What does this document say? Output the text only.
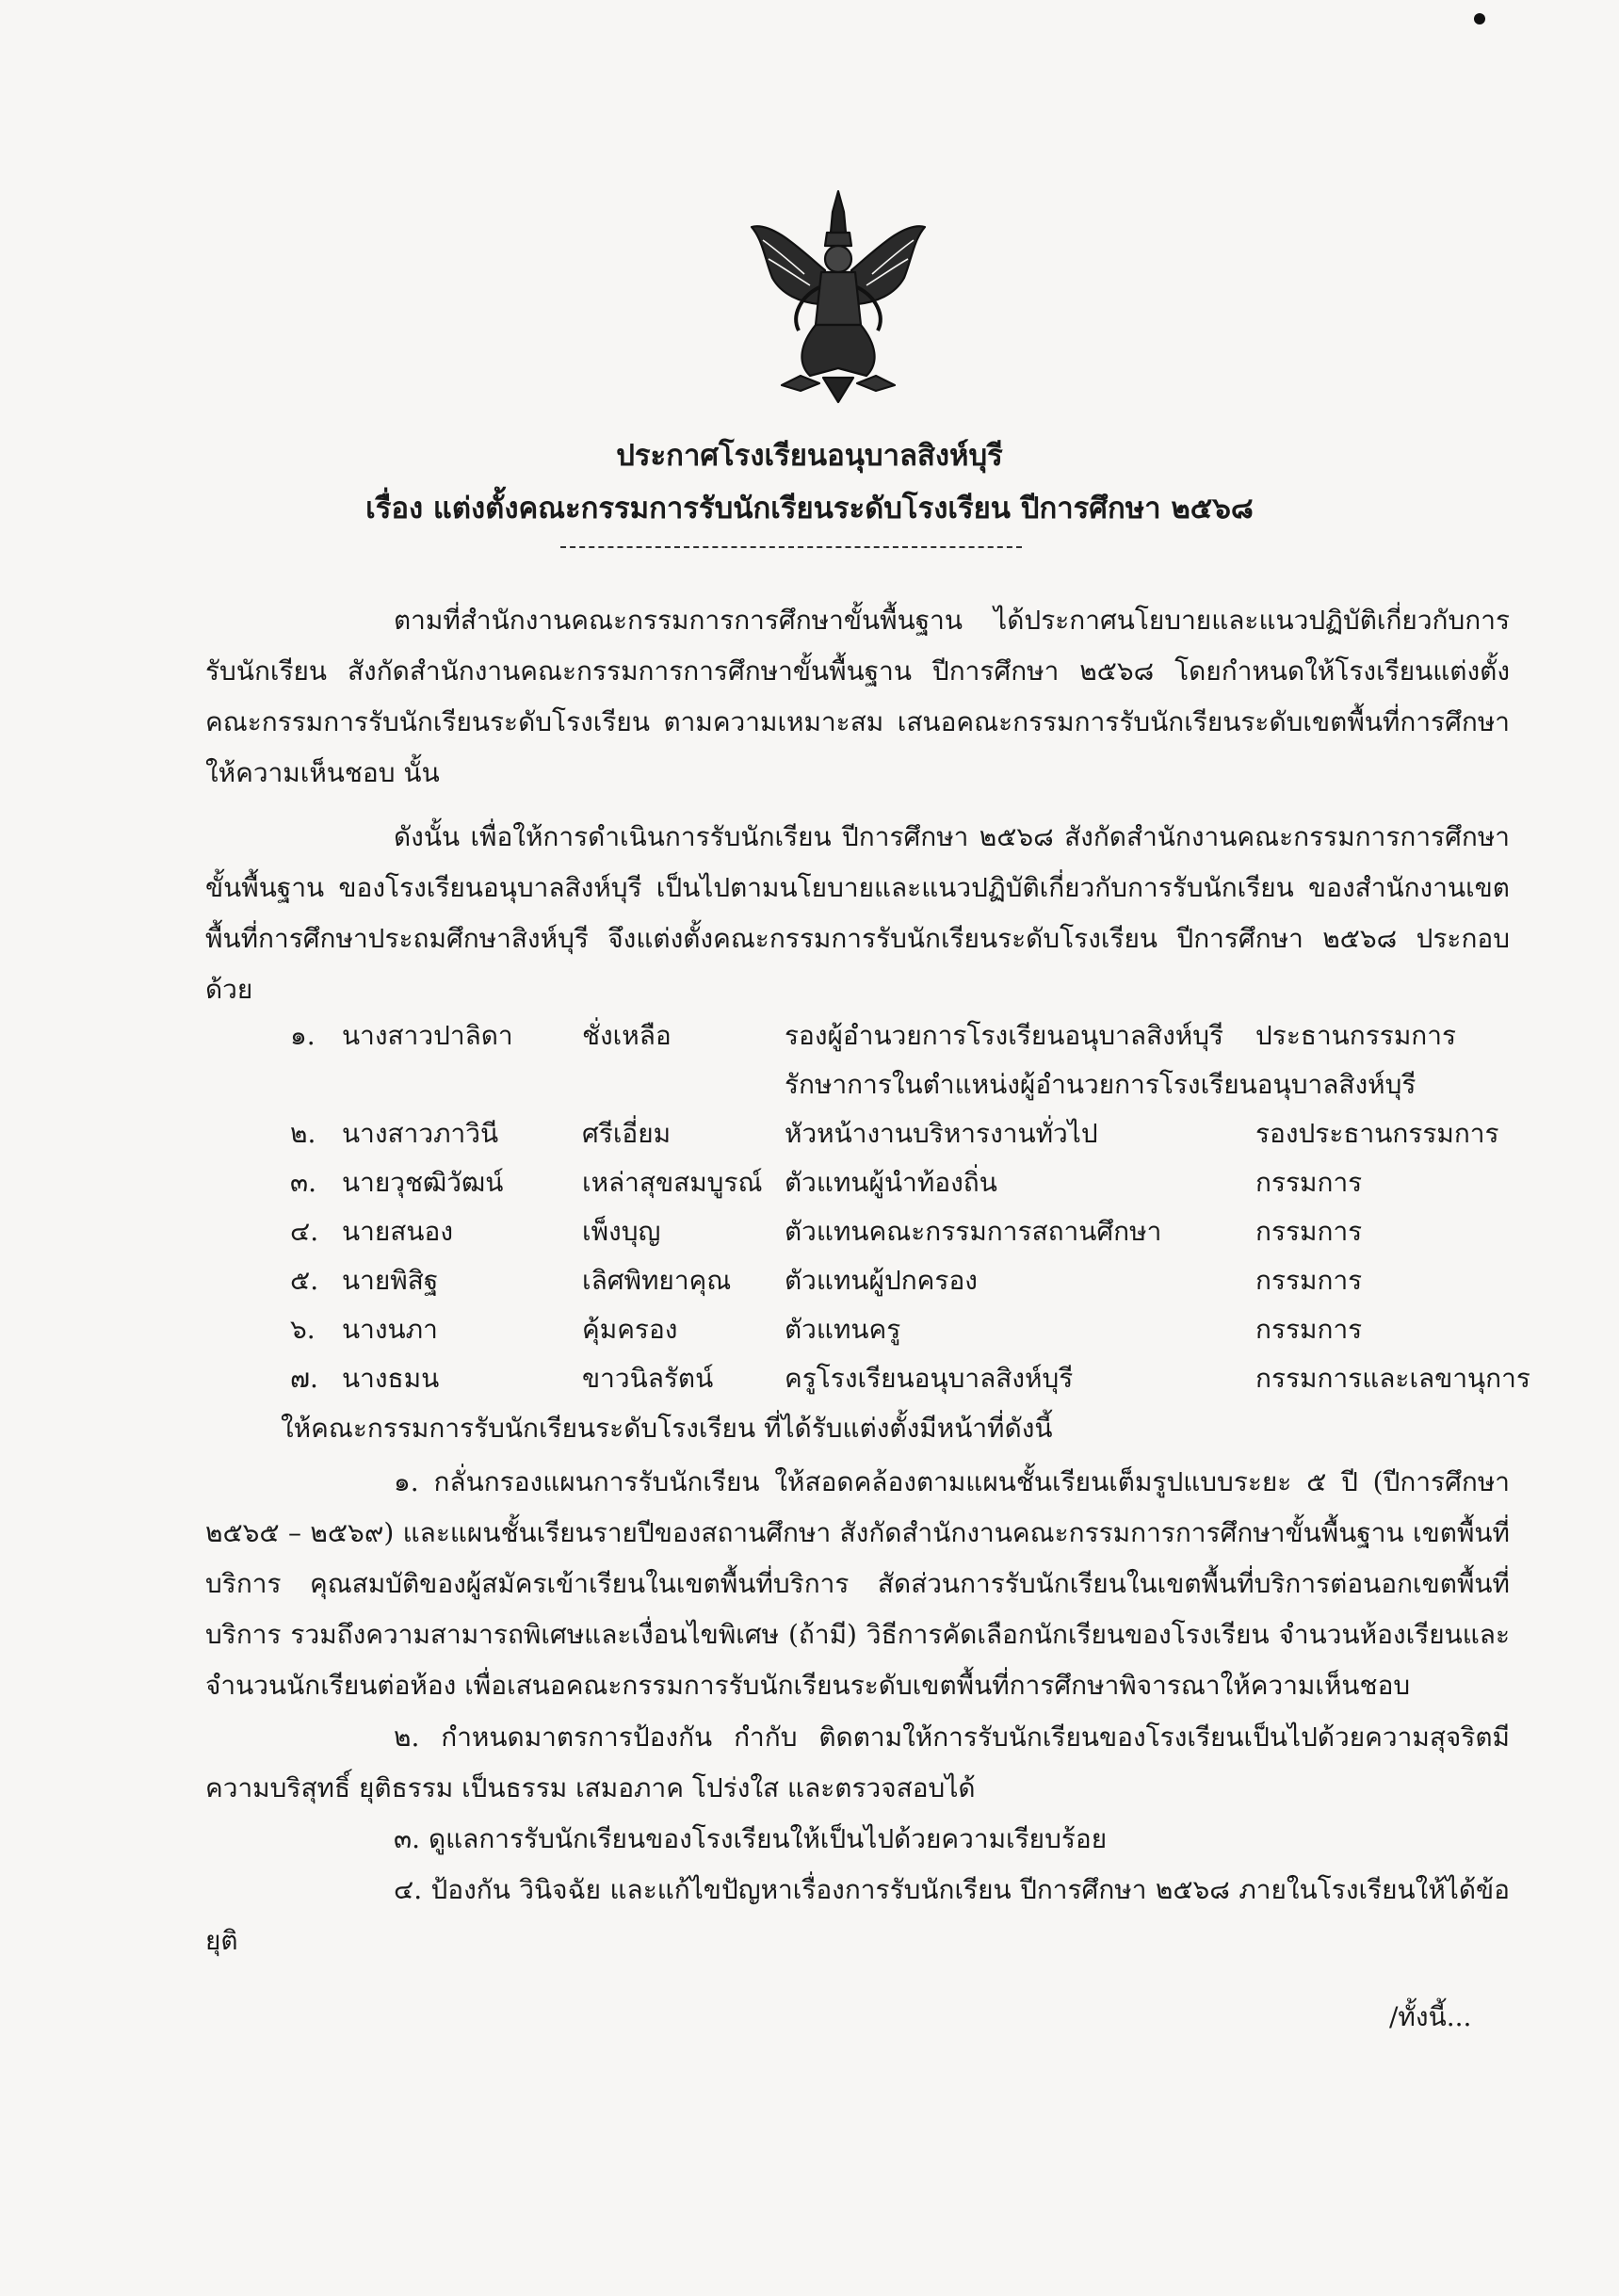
ประกาศโรงเรียนอนุบาลสิงห์บุรี
เรื่อง แต่งตั้งคณะกรรมการรับนักเรียนระดับโรงเรียน ปีการศึกษา ๒๕๖๘
ตามที่สำนักงานคณะกรรมการการศึกษาขั้นพื้นฐาน ได้ประกาศนโยบายและแนวปฏิบัติเกี่ยวกับการรับนักเรียน สังกัดสำนักงานคณะกรรมการการศึกษาขั้นพื้นฐาน ปีการศึกษา ๒๕๖๘ โดยกำหนดให้โรงเรียนแต่งตั้งคณะกรรมการรับนักเรียนระดับโรงเรียน ตามความเหมาะสม เสนอคณะกรรมการรับนักเรียนระดับเขตพื้นที่การศึกษาให้ความเห็นชอบ นั้น
ดังนั้น เพื่อให้การดำเนินการรับนักเรียน ปีการศึกษา ๒๕๖๘ สังกัดสำนักงานคณะกรรมการการศึกษาขั้นพื้นฐาน ของโรงเรียนอนุบาลสิงห์บุรี เป็นไปตามนโยบายและแนวปฏิบัติเกี่ยวกับการรับนักเรียน ของสำนักงานเขตพื้นที่การศึกษาประถมศึกษาสิงห์บุรี จึงแต่งตั้งคณะกรรมการรับนักเรียนระดับโรงเรียน ปีการศึกษา ๒๕๖๘ ประกอบด้วย
๑. นางสาวปาลิดา	ชั่งเหลือ	รองผู้อำนวยการโรงเรียนอนุบาลสิงห์บุรี ประธานกรรมการ
รักษาการในตำแหน่งผู้อำนวยการโรงเรียนอนุบาลสิงห์บุรี
๒. นางสาวภาวินี	ศรีเอี่ยม	หัวหน้างานบริหารงานทั่วไป	รองประธานกรรมการ
๓. นายวุชฒิวัฒน์	เหล่าสุขสมบูรณ์ ตัวแทนผู้นำท้องถิ่น	กรรมการ
๔. นายสนอง	เพ็งบุญ	ตัวแทนคณะกรรมการสถานศึกษา	กรรมการ
๕. นายพิสิฐ	เลิศพิทยาคุณ ตัวแทนผู้ปกครอง	กรรมการ
๖. นางนภา	คุ้มครอง	ตัวแทนครู	กรรมการ
๗. นางธมน	ขาวนิลรัตน์	ครูโรงเรียนอนุบาลสิงห์บุรี	กรรมการและเลขานุการ
ให้คณะกรรมการรับนักเรียนระดับโรงเรียน ที่ได้รับแต่งตั้งมีหน้าที่ดังนี้
๑. กลั่นกรองแผนการรับนักเรียน ให้สอดคล้องตามแผนชั้นเรียนเต็มรูปแบบระยะ ๕ ปี (ปีการศึกษา ๒๕๖๕ – ๒๕๖๙) และแผนชั้นเรียนรายปีของสถานศึกษา สังกัดสำนักงานคณะกรรมการการศึกษาขั้นพื้นฐาน เขตพื้นที่บริการ คุณสมบัติของผู้สมัครเข้าเรียนในเขตพื้นที่บริการ สัดส่วนการรับนักเรียนในเขตพื้นที่บริการต่อนอกเขตพื้นที่บริการ รวมถึงความสามารถพิเศษและเงื่อนไขพิเศษ (ถ้ามี) วิธีการคัดเลือกนักเรียนของโรงเรียน จำนวนห้องเรียนและจำนวนนักเรียนต่อห้อง เพื่อเสนอคณะกรรมการรับนักเรียนระดับเขตพื้นที่การศึกษาพิจารณาให้ความเห็นชอบ
๒. กำหนดมาตรการป้องกัน กำกับ ติดตามให้การรับนักเรียนของโรงเรียนเป็นไปด้วยความสุจริตมีความบริสุทธิ์ ยุติธรรม เป็นธรรม เสมอภาค โปร่งใส และตรวจสอบได้
๓. ดูแลการรับนักเรียนของโรงเรียนให้เป็นไปด้วยความเรียบร้อย
๔. ป้องกัน วินิจฉัย และแก้ไขปัญหาเรื่องการรับนักเรียน ปีการศึกษา ๒๕๖๘ ภายในโรงเรียนให้ได้ข้อยุติ
/ทั้งนี้...
